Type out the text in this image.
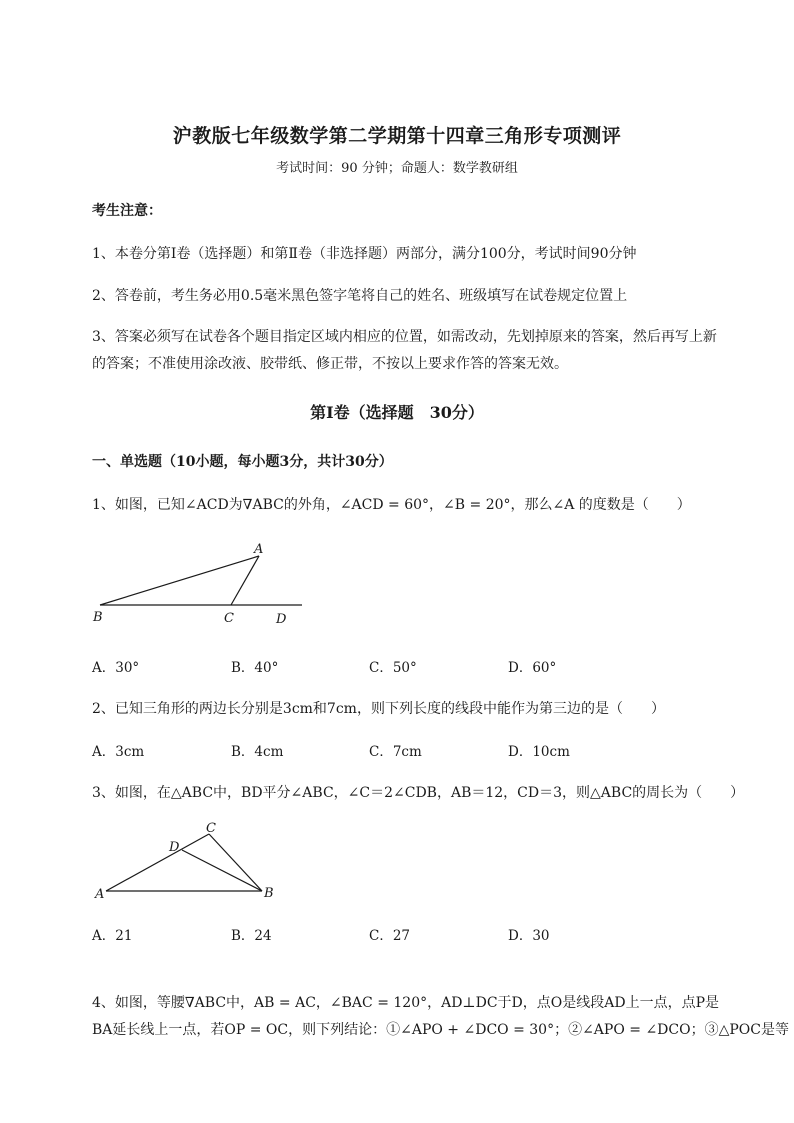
沪教版七年级数学第二学期第十四章三角形专项测评
考试时间：90 分钟；命题人：数学教研组
考生注意：
1、本卷分第I卷（选择题）和第Ⅱ卷（非选择题）两部分，满分100分，考试时间90分钟
2、答卷前，考生务必用0.5毫米黑色签字笔将自己的姓名、班级填写在试卷规定位置上
3、答案必须写在试卷各个题目指定区域内相应的位置，如需改动，先划掉原来的答案，然后再写上新
的答案；不准使用涂改液、胶带纸、修正带，不按以上要求作答的答案无效。
第I卷（选择题　30分）
一、单选题（10小题，每小题3分，共计30分）
1、如图，已知∠ACD为∇ABC的外角，∠ACD = 60°，∠B = 20°，那么∠A 的度数是（　　）
A
B	C	D
A．30°	B．40°	C．50°	D．60°
2、已知三角形的两边长分别是3cm和7cm，则下列长度的线段中能作为第三边的是（　　）
A．3cm	B．4cm	C．7cm	D．10cm
3、如图，在△ABC中，BD平分∠ABC，∠C＝2∠CDB，AB＝12，CD＝3，则△ABC的周长为（　　）
C
D
A	B
A．21	B．24	C．27	D．30
4、如图，等腰∇ABC中，AB = AC，∠BAC = 120°，AD⊥DC于D，点O是线段AD上一点，点P是
BA延长线上一点，若OP = OC，则下列结论：①∠APO + ∠DCO = 30°；②∠APO = ∠DCO；③△POC是等
